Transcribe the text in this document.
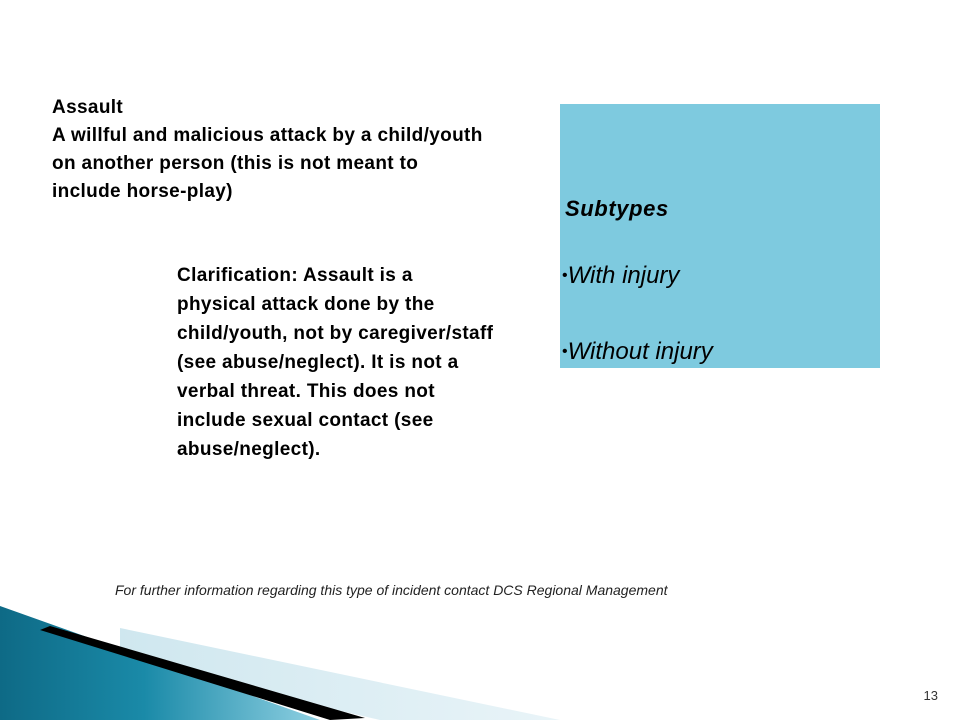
Assault
A willful and malicious attack by a child/youth on another person (this is not meant to include horse-play)
Clarification: Assault is a physical attack done by the child/youth, not by caregiver/staff (see abuse/neglect). It is not a verbal threat. This does not include sexual contact (see abuse/neglect).
Subtypes
•With injury
•Without injury
For further information regarding this type of incident contact DCS Regional Management
13
